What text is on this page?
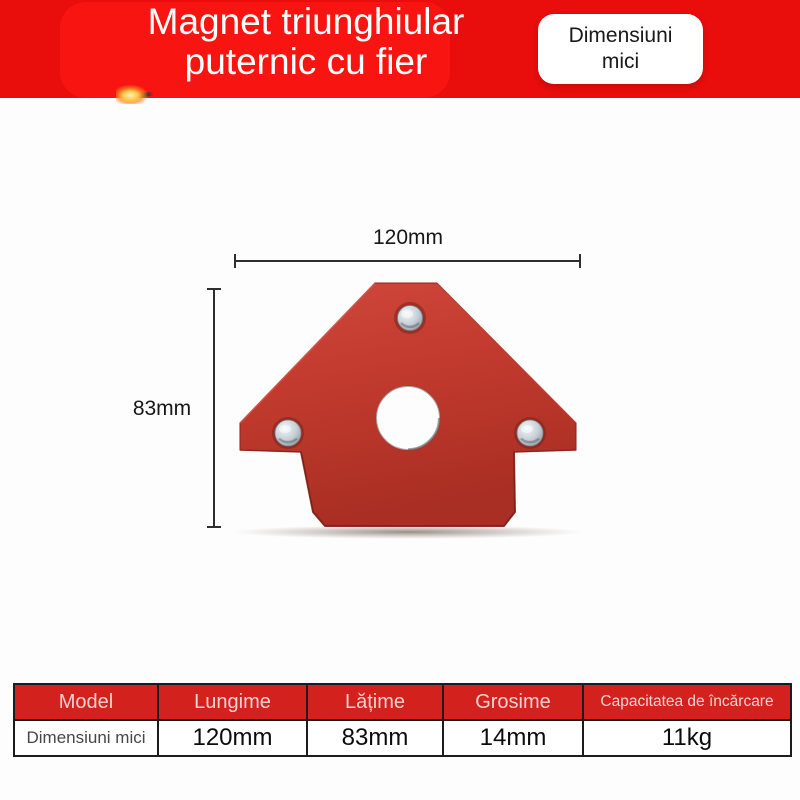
Magnet triunghiular
puternic cu fier
Dimensiuni
mici
120mm
83mm
Model	Lungime	Lățime	Grosime	Capacitatea de încărcare
Dimensiuni mici	120mm	83mm	14mm	11kg
